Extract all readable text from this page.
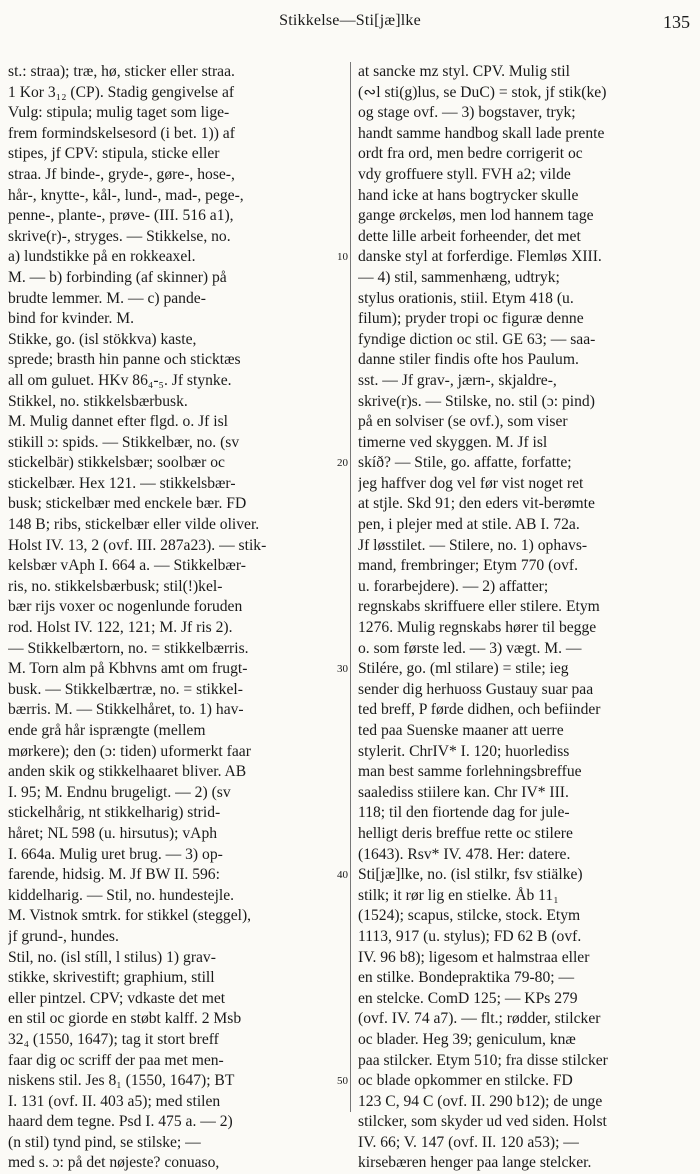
Stikkelse—Sti[jæ]lke	135
st.: straa); træ, hø, sticker eller straa.
1 Kor 3₁₂ (CP). Stadig gengivelse af
Vulg: stipula; mulig taget som lige-
frem formindskelsesord (i bet. 1)) af
stipes, jf CPV: stipula, sticke eller
straa. Jf binde-, gryde-, gøre-, hose-,
hår-, knytte-, kål-, lund-, mad-, pege-,
penne-, plante-, prøve- (III. 516 a1),
skrive(r)-, stryges. — Stikkelse, no.
a) lundstikke på en rokkeaxel.
M. — b) forbinding (af skinner) på
brudte lemmer. M. — c) pande-
bind for kvinder. M.
Stikke, go. (isl stökkva) kaste,
sprede; brasth hin panne och sticktæs
all om guluet. HKv 86₄-₅. Jf stynke.
Stikkel, no. stikkelsbærbusk.
M. Mulig dannet efter flgd. o. Jf isl
stikill ɔ: spids. — Stikkelbær, no. (sv
stickelbär) stikkelsbær; soolbær oc
stickelbær. Hex 121. — stikkelsbær-
busk; stickelbær med enckele bær. FD
148 B; ribs, stickelbær eller vilde oliver.
Holst IV. 13, 2 (ovf. III. 287a23). — stik-
kelsbær vAph I. 664 a. — Stikkelbær-
ris, no. stikkelsbærbusk; stil(!)kel-
bær rijs voxer oc nogenlunde foruden
rod. Holst IV. 122, 121; M. Jf ris 2).
— Stikkelbærtorn, no. = stikkelbærris.
M. Torn alm på Kbhvns amt om frugt-
busk. — Stikkelbærtræ, no. = stikkel-
bærris. M. — Stikkelhåret, to. 1) hav-
ende grå hår isprængte (mellem
mørkere); den (ɔ: tiden) uformerkt faar
anden skik og stikkelhaaret bliver. AB
I. 95; M. Endnu brugeligt. — 2) (sv
stickelhårig, nt stikkelharig) strid-
håret; NL 598 (u. hirsutus); vAph
I. 664a. Mulig uret brug. — 3) op-
farende, hidsig. M. Jf BW II. 596:
kiddelharig. — Stil, no. hundestejle.
M. Vistnok smtrk. for stikkel (steggel),
jf grund-, hundes.
Stil, no. (isl stíll, l stilus) 1) grav-
stikke, skrivestift; graphium, still
eller pintzel. CPV; vdkaste det met
en stil oc giorde en støbt kalff. 2 Msb
32₄ (1550, 1647); tag it stort breff
faar dig oc scriff der paa met men-
niskens stil. Jes 8₁ (1550, 1647); BT
I. 131 (ovf. II. 403 a5); med stilen
haard dem tegne. Psd I. 475 a. — 2)
(n stil) tynd pind, se stilske; —
med s. ɔ: på det nøjeste? conuaso,
at sancke mz styl. CPV. Mulig stil
(∾l sti(g)lus, se DuC) = stok, jf stik(ke)
og stage ovf. — 3) bogstaver, tryk;
handt samme handbog skall lade prente
ordt fra ord, men bedre corrigerit oc
vdy groffuere styll. FVH a2; vilde
hand icke at hans bogtrycker skulle
gange ørckeløs, men lod hannem tage
dette lille arbeit forheender, det met
danske styl at forferdige. Flemløs XIII.
— 4) stil, sammenhæng, udtryk;
stylus orationis, stiil. Etym 418 (u.
filum); pryder tropi oc figuræ denne
fyndige diction oc stil. GE 63; — saa-
danne stiler findis ofte hos Paulum.
sst. — Jf grav-, jærn-, skjaldre-,
skrive(r)s. — Stilske, no. stil (ɔ: pind)
på en solviser (se ovf.), som viser
timerne ved skyggen. M. Jf isl
skíð? — Stile, go. affatte, forfatte;
jeg haffver dog vel før vist noget ret
at stjle. Skd 91; den eders vit-berømte
pen, i plejer med at stile. AB I. 72a.
Jf løsstilet. — Stilere, no. 1) ophavs-
mand, frembringer; Etym 770 (ovf.
u. forarbejdere). — 2) affatter;
regnskabs skriffuere eller stilere. Etym
1276. Mulig regnskabs hører til begge
o. som første led. — 3) vægt. M. —
Stilére, go. (ml stilare) = stile; ieg
sender dig herhuoss Gustauy suar paa
ted breff, P førde didhen, och befiinder
ted paa Suenske maaner att uerre
stylerit. ChrIV* I. 120; huorlediss
man best samme forlehningsbreffue
saalediss stiilere kan. Chr IV* III.
118; til den fiortende dag for jule-
helligt deris breffue rette oc stilere
(1643). Rsv* IV. 478. Her: datere.
Sti[jæ]lke, no. (isl stilkr, fsv stiälke)
stilk; it rør lig en stielke. Åb 11₁
(1524); scapus, stilcke, stock. Etym
1113, 917 (u. stylus); FD 62 B (ovf.
IV. 96 b8); ligesom et halmstraa eller
en stilke. Bondepraktika 79-80; —
en stelcke. ComD 125; — KPs 279
(ovf. IV. 74 a7). — flt.; rødder, stilcker
oc blader. Heg 39; geniculum, knæ
paa stilcker. Etym 510; fra disse stilcker
oc blade opkommer en stilcke. FD
123 C, 94 C (ovf. II. 290 b12); de unge
stilcker, som skyder ud ved siden. Holst
IV. 66; V. 147 (ovf. II. 120 a53); —
kirsebæren henger paa lange stelcker.
10
20
30
40
50
